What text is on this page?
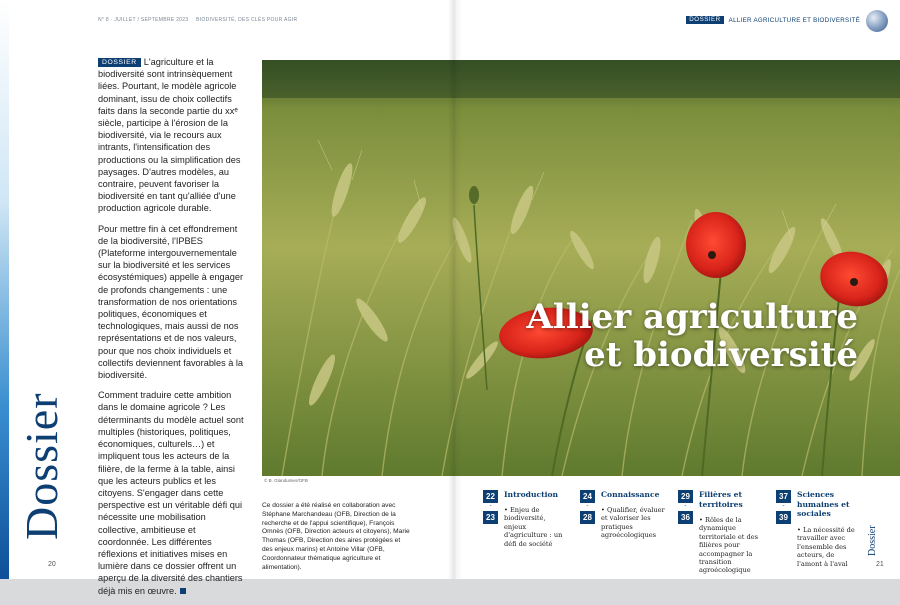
N° 8 · JUILLET / SEPTEMBRE 2023 BIODIVERSITÉ, DES CLÉS POUR AGIR
Dossier
20

DOSSIER L'agriculture et la biodiversité sont intrinsèquement liées. Pourtant, le modèle agricole dominant, issu de choix collectifs faits dans la seconde partie du xxᵉ siècle, participe à l'érosion de la biodiversité, via le recours aux intrants, l'intensification des productions ou la simplification des paysages. D'autres modèles, au contraire, peuvent favoriser la biodiversité en tant qu'alliée d'une production agricole durable.

Pour mettre fin à cet effondrement de la biodiversité, l'IPBES (Plateforme intergouvernementale sur la biodiversité et les services écosystémiques) appelle à engager de profonds changements : une transformation de nos orientations politiques, économiques et technologiques, mais aussi de nos représentations et de nos valeurs, pour que nos choix individuels et collectifs deviennent favorables à la biodiversité.

Comment traduire cette ambition dans le domaine agricole ? Les déterminants du modèle actuel sont multiples (historiques, politiques, économiques, culturels…) et impliquent tous les acteurs de la filière, de la ferme à la table, ainsi que les acteurs publics et les citoyens. S'engager dans cette perspective est un véritable défi qui nécessite une mobilisation collective, ambitieuse et coordonnée. Les différentes réflexions et initiatives mises en lumière dans ce dossier offrent un aperçu de la diversité des chantiers déjà mis en œuvre.

Allier agriculture
et biodiversité
© B. Glandumier/OFB
Ce dossier a été réalisé en collaboration avec Stéphane Marchandeau (OFB, Direction de la recherche et de l'appui scientifique), François Omnès (OFB, Direction acteurs et citoyens), Marie Thomas (OFB, Direction des aires protégées et des enjeux marins) et Antoine Villar (OFB, Coordonnateur thématique agriculture et alimentation).
DOSSIER	ALLIER AGRICULTURE ET BIODIVERSITÉ
22
-
23
Introduction
• Enjeu de biodiversité, enjeux d'agriculture : un défi de société
24
-
28
Connaissance
• Qualifier, évaluer et valoriser les pratiques agroécologiques
29
-
36
Filières et territoires
• Rôles de la dynamique territoriale et des filières pour accompagner la transition agroécologique
37
-
39
Sciences humaines et sociales
• La nécessité de travailler avec l'ensemble des acteurs, de l'amont à l'aval
Dossier
21
